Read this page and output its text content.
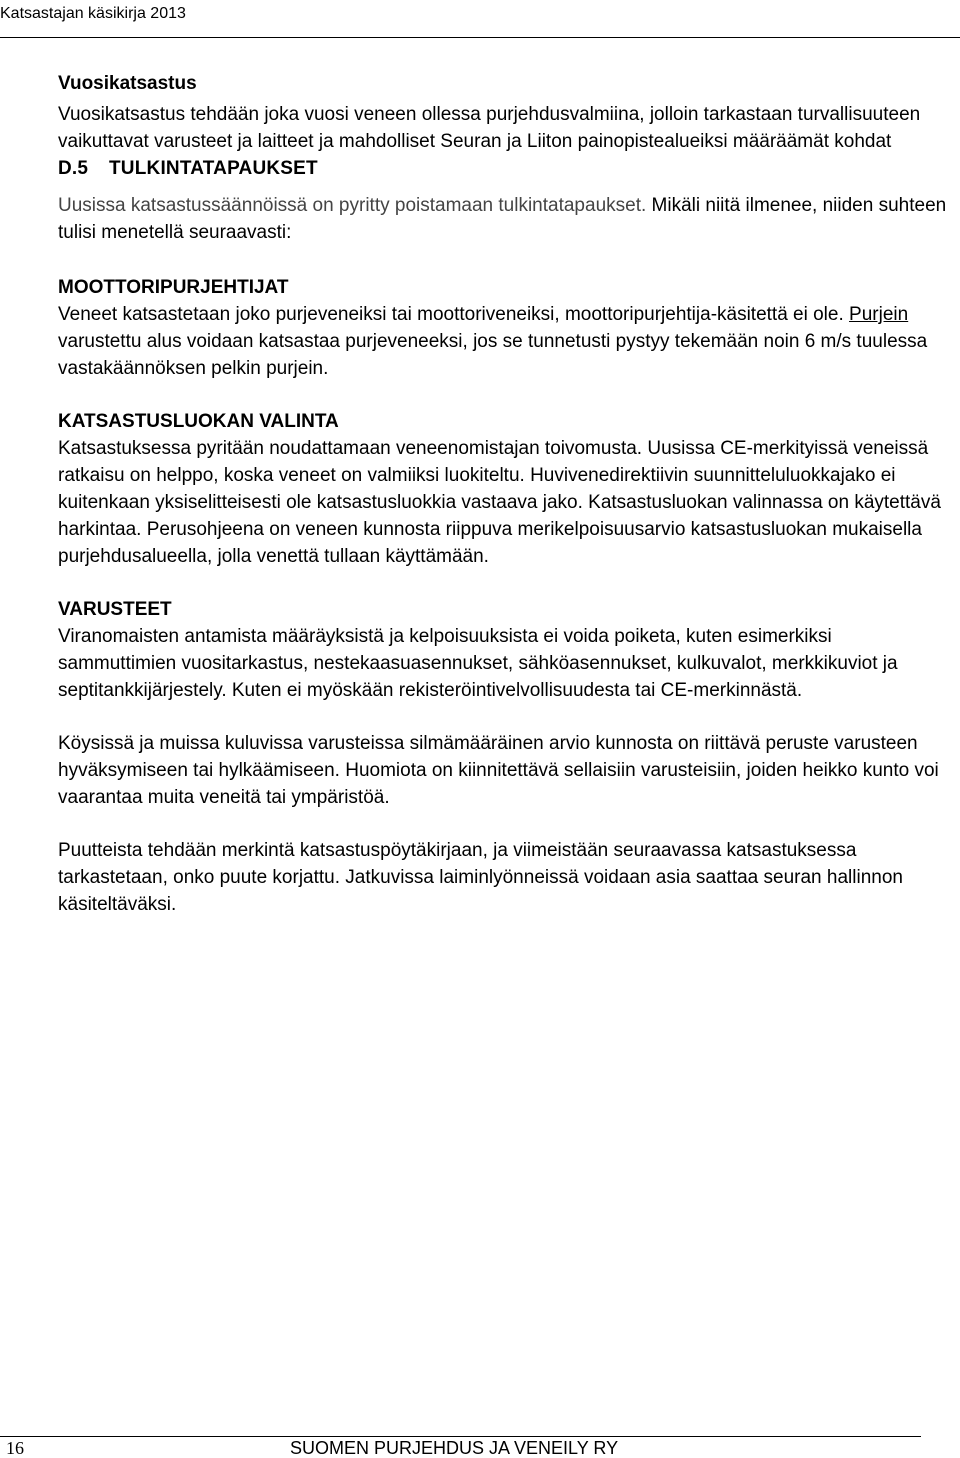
Katsastajan käsikirja 2013

Vuosikatsastus

Vuosikatsastus tehdään joka vuosi veneen ollessa purjehdusvalmiina, jolloin tarkastaan turvallisuuteen vaikuttavat varusteet ja laitteet ja mahdolliset Seuran ja Liiton painopistealueiksi määräämät kohdat

D.5 TULKINTATAPAUKSET

Uusissa katsastussäännöissä on pyritty poistamaan tulkintatapaukset. Mikäli niitä ilmenee, niiden suhteen tulisi menetellä seuraavasti:

MOOTTORIPURJEHTIJAT

Veneet katsastetaan joko purjeveneiksi tai moottoriveneiksi, moottoripurjehtija-käsitettä ei ole. Purjein varustettu alus voidaan katsastaa purjeveneeksi, jos se tunnetusti pystyy tekemään noin 6 m/s tuulessa vastakäännöksen pelkin purjein.

KATSASTUSLUOKAN VALINTA

Katsastuksessa pyritään noudattamaan veneenomistajan toivomusta. Uusissa CE-merkityissä veneissä ratkaisu on helppo, koska veneet on valmiiksi luokiteltu. Huvivenedirektiivin suunnitteluluokkajako ei kuitenkaan yksiselitteisesti ole katsastusluokkia vastaava jako. Katsastusluokan valinnassa on käytettävä harkintaa. Perusohjeena on veneen kunnosta riippuva merikelpoisuusarvio katsastusluokan mukaisella purjehdusalueella, jolla venettä tullaan käyttämään.

VARUSTEET

Viranomaisten antamista määräyksistä ja kelpoisuuksista ei voida poiketa, kuten esimerkiksi sammuttimien vuositarkastus, nestekaasuasennukset, sähköasennukset, kulkuvalot, merkkikuviot ja septitankkijärjestely. Kuten ei myöskään rekisteröintivelvollisuudesta tai CE-merkinnästä.

Köysissä ja muissa kuluvissa varusteissa silmämääräinen arvio kunnosta on riittävä peruste varusteen hyväksymiseen tai hylkäämiseen. Huomiota on kiinnitettävä sellaisiin varusteisiin, joiden heikko kunto voi vaarantaa muita veneitä tai ympäristöä.

Puutteista tehdään merkintä katsastuspöytäkirjaan, ja viimeistään seuraavassa katsastuksessa tarkastetaan, onko puute korjattu. Jatkuvissa laiminlyönneissä voidaan asia saattaa seuran hallinnon käsiteltäväksi.

16	SUOMEN PURJEHDUS JA VENEILY RY
